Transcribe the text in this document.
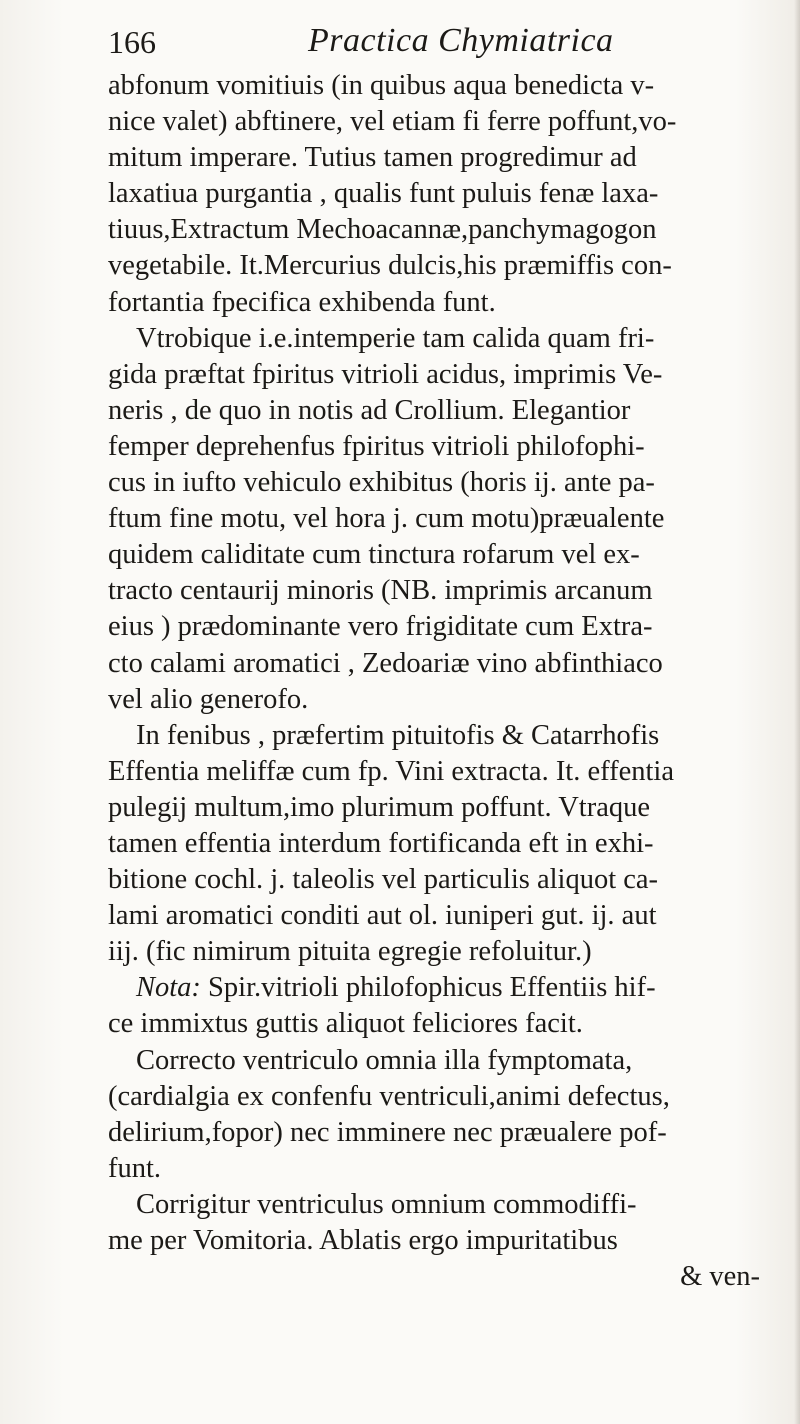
166	Practica Chymiatrica
abfonum vomitiuis (in quibus aqua benedicta v-
nice valet) abftinere, vel etiam fi ferre poffunt,vo-
mitum imperare. Tutius tamen progredimur ad
laxatiua purgantia , qualis funt puluis fenæ laxa-
tiuus,Extractum Mechoacannæ,panchymagogon
vegetabile. It.Mercurius dulcis,his præmiffis con-
fortantia fpecifica exhibenda funt.
Vtrobique i.e.intemperie tam calida quam fri-
gida præftat fpiritus vitrioli acidus, imprimis Ve-
neris , de quo in notis ad Crollium. Elegantior
femper deprehenfus fpiritus vitrioli philofophi-
cus in iufto vehiculo exhibitus (horis ij. ante pa-
ftum fine motu, vel hora j. cum motu)præualente
quidem caliditate cum tinctura rofarum vel ex-
tracto centaurij minoris (NB. imprimis arcanum
eius ) prædominante vero frigiditate cum Extra-
cto calami aromatici , Zedoariæ vino abfinthiaco
vel alio generofo.
In fenibus , præfertim pituitofis & Catarrhofis
Effentia meliffæ cum fp. Vini extracta. It. effentia
pulegij multum,imo plurimum poffunt. Vtraque
tamen effentia interdum fortificanda eft in exhi-
bitione cochl. j. taleolis vel particulis aliquot ca-
lami aromatici conditi aut ol. iuniperi gut. ij. aut
iij. (fic nimirum pituita egregie refoluitur.)
Nota: Spir.vitrioli philofophicus Effentiis hif-
ce immixtus guttis aliquot feliciores facit.
Correcto ventriculo omnia illa fymptomata,
(cardialgia ex confenfu ventriculi,animi defectus,
delirium,fopor) nec imminere nec præualere pof-
funt.
Corrigitur ventriculus omnium commodiffi-
me per Vomitoria. Ablatis ergo impuritatibus
& ven-
